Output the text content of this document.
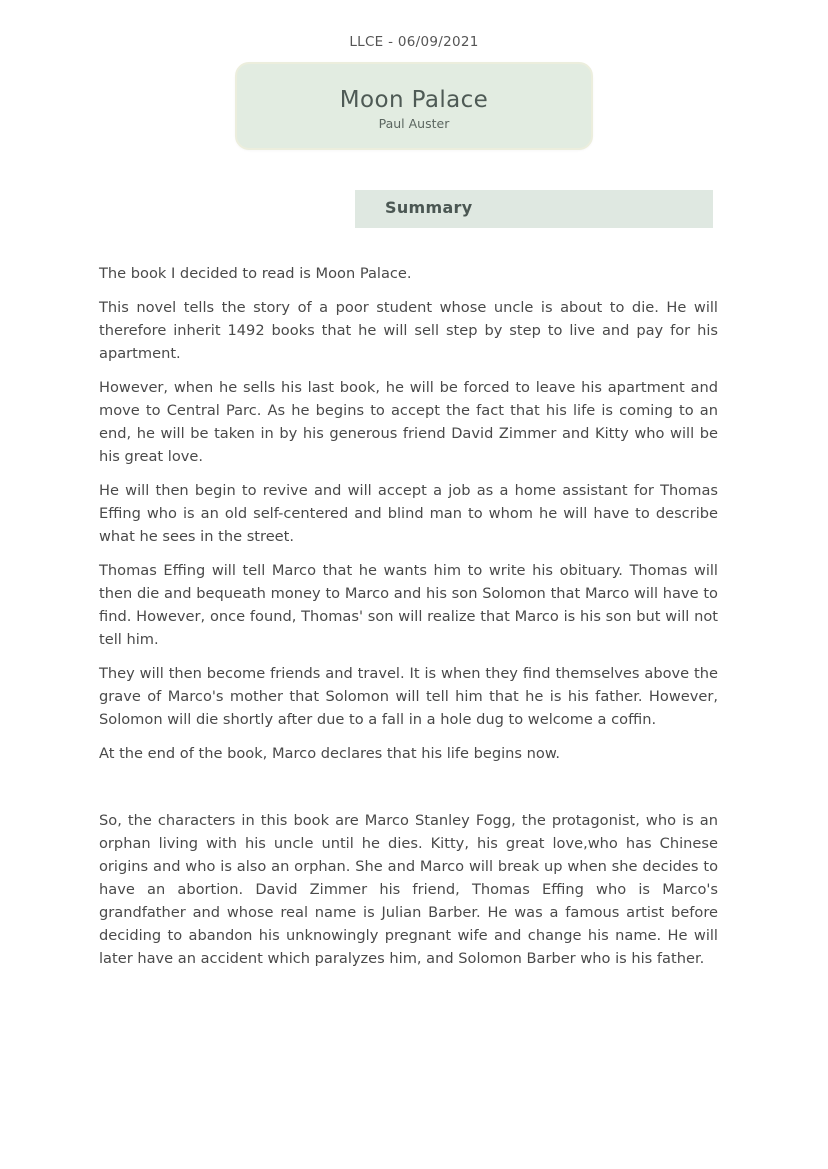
LLCE - 06/09/2021
Moon Palace
Paul Auster
Summary

The book I decided to read is Moon Palace.

This novel tells the story of a poor student whose uncle is about to die. He will therefore inherit 1492 books that he will sell step by step to live and pay for his apartment.

However, when he sells his last book, he will be forced to leave his apartment and move to Central Parc. As he begins to accept the fact that his life is coming to an end, he will be taken in by his generous friend David Zimmer and Kitty who will be his great love.

He will then begin to revive and will accept a job as a home assistant for Thomas Effing who is an old self-centered and blind man to whom he will have to describe what he sees in the street.

Thomas Effing will tell Marco that he wants him to write his obituary. Thomas will then die and bequeath money to Marco and his son Solomon that Marco will have to find. However, once found, Thomas' son will realize that Marco is his son but will not tell him.

They will then become friends and travel. It is when they find themselves above the grave of Marco's mother that Solomon will tell him that he is his father. However, Solomon will die shortly after due to a fall in a hole dug to welcome a coffin.

At the end of the book, Marco declares that his life begins now.

So, the characters in this book are Marco Stanley Fogg, the protagonist, who is an orphan living with his uncle until he dies. Kitty, his great love,who has Chinese origins and who is also an orphan. She and Marco will break up when she decides to have an abortion. David Zimmer his friend, Thomas Effing who is Marco's grandfather and whose real name is Julian Barber. He was a famous artist before deciding to abandon his unknowingly pregnant wife and change his name. He will later have an accident which paralyzes him, and Solomon Barber who is his father.
